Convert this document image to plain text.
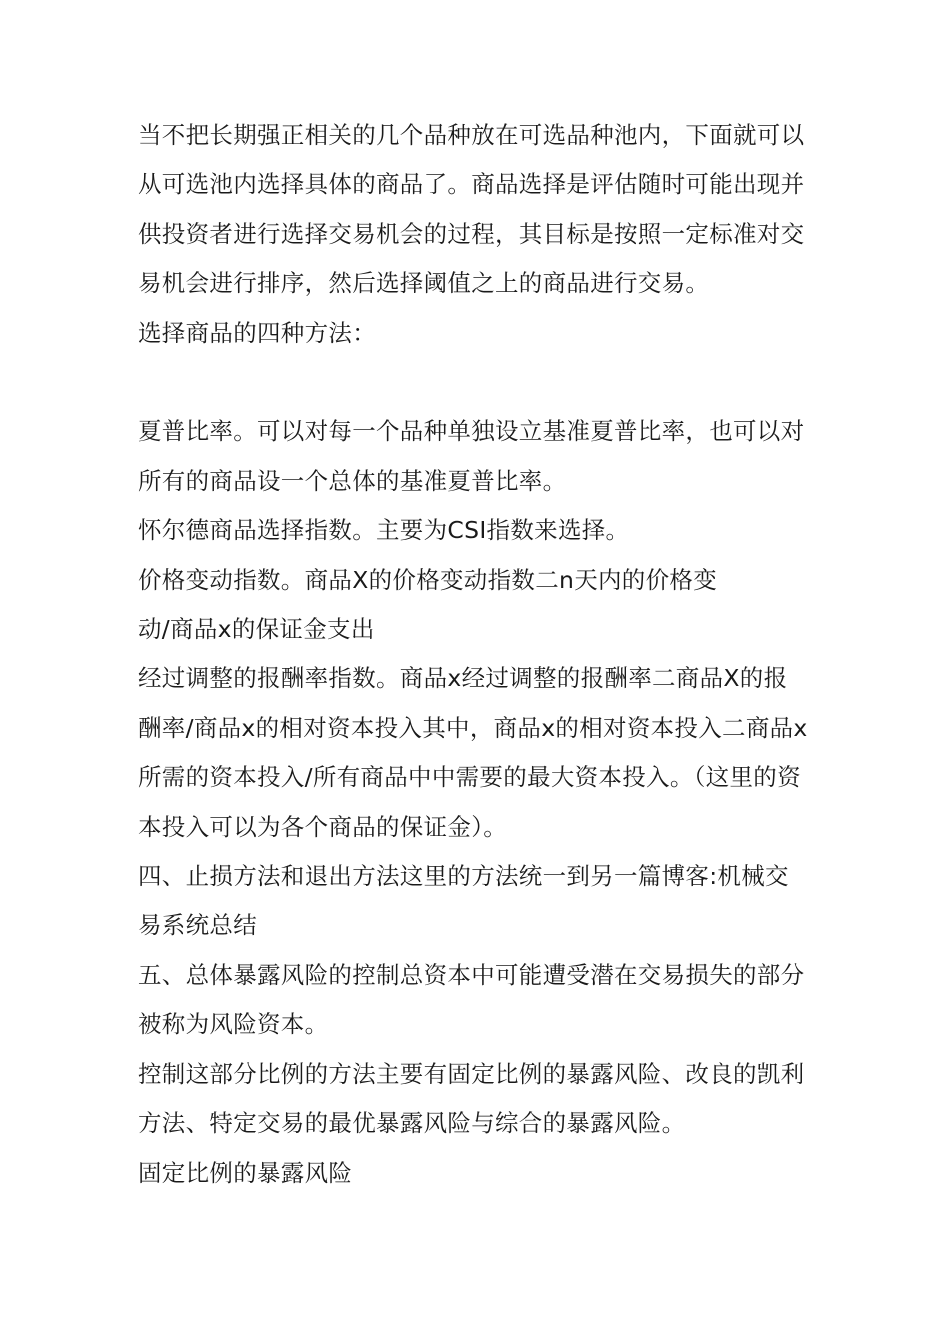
当不把长期强正相关的几个品种放在可选品种池内，下面就可以从可选池内选择具体的商品了。商品选择是评估随时可能出现并供投资者进行选择交易机会的过程，其目标是按照一定标准对交易机会进行排序，然后选择阈值之上的商品进行交易。

选择商品的四种方法：

夏普比率。可以对每一个品种单独设立基准夏普比率，也可以对所有的商品设一个总体的基准夏普比率。

怀尔德商品选择指数。主要为CSI指数来选择。

价格变动指数。商品X的价格变动指数二n天内的价格变

动/商品x的保证金支出

经过调整的报酬率指数。商品x经过调整的报酬率二商品X的报酬率/商品x的相对资本投入其中，商品x的相对资本投入二商品x所需的资本投入/所有商品中中需要的最大资本投入。（这里的资本投入可以为各个商品的保证金）。

四、止损方法和退出方法这里的方法统一到另一篇博客:机械交易系统总结

五、总体暴露风险的控制总资本中可能遭受潜在交易损失的部分被称为风险资本。

控制这部分比例的方法主要有固定比例的暴露风险、改良的凯利方法、特定交易的最优暴露风险与综合的暴露风险。

固定比例的暴露风险
